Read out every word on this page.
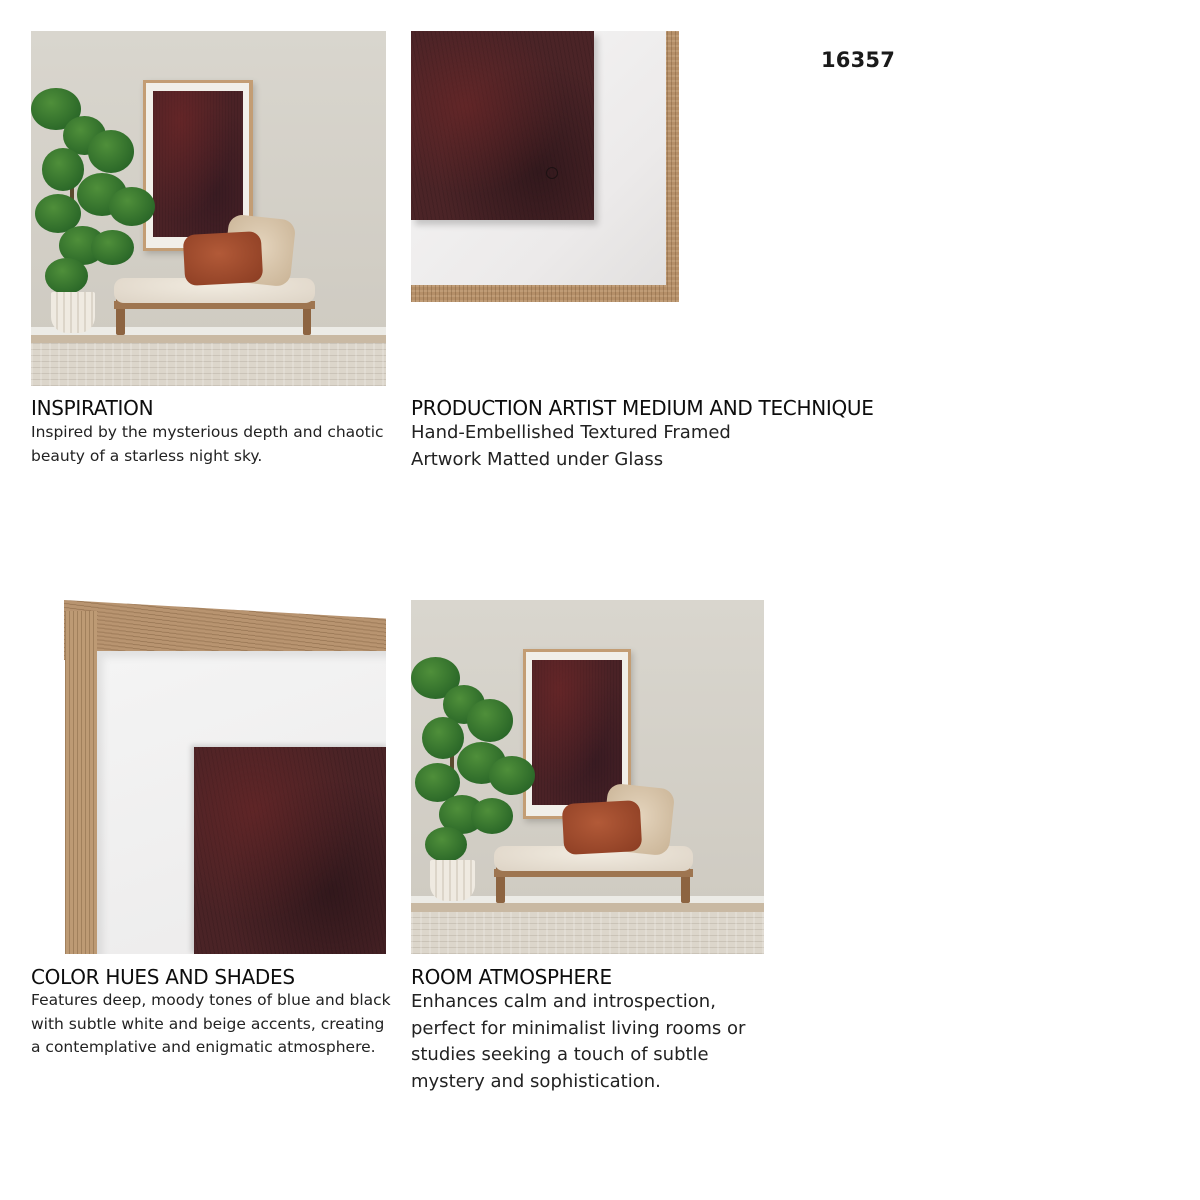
16357
INSPIRATION
Inspired by the mysterious depth and chaotic
beauty of a starless night sky.
PRODUCTION ARTIST MEDIUM AND TECHNIQUE
Hand-Embellished Textured Framed
Artwork Matted under Glass
COLOR HUES AND SHADES
Features deep, moody tones of blue and black
with subtle white and beige accents, creating
a contemplative and enigmatic atmosphere.
ROOM ATMOSPHERE
Enhances calm and introspection,
perfect for minimalist living rooms or
studies seeking a touch of subtle
mystery and sophistication.
